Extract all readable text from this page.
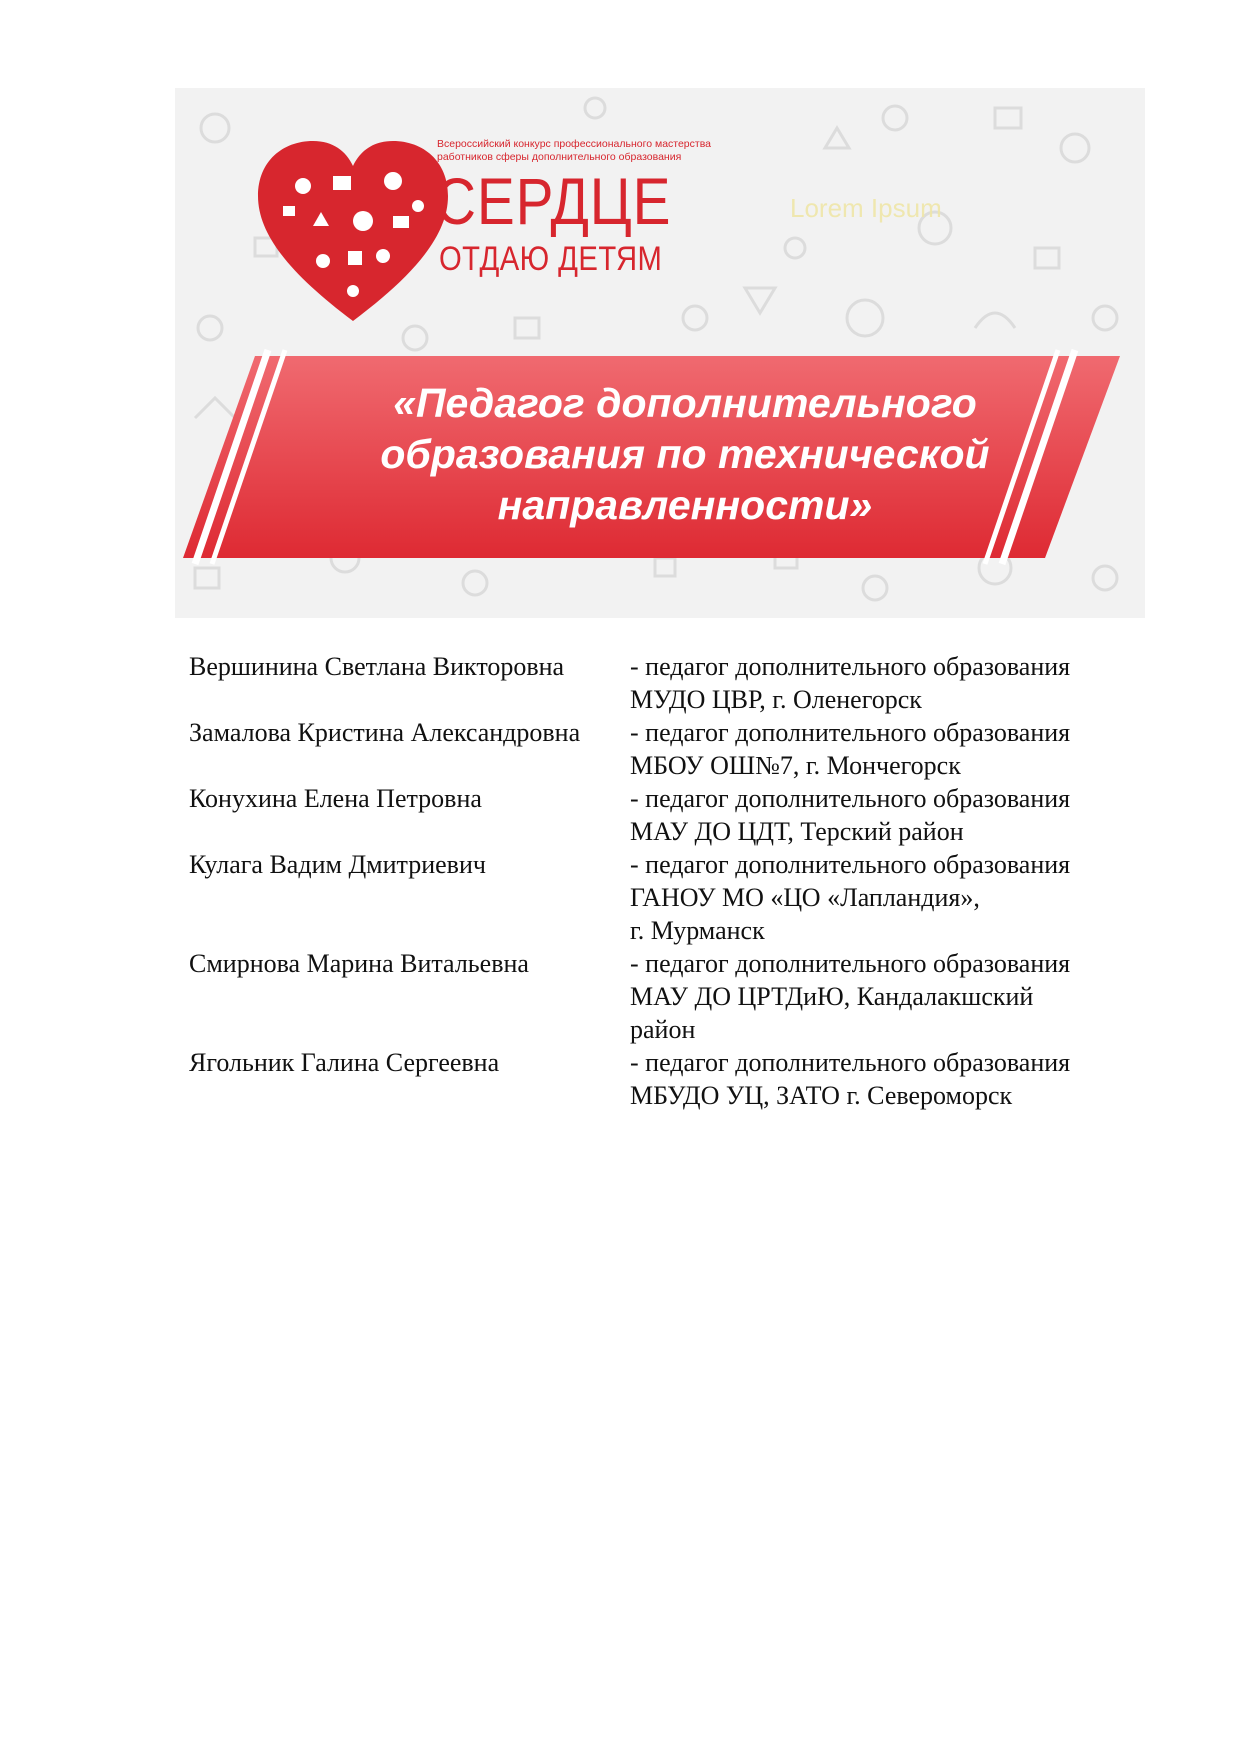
Всероссийский конкурс профессионального мастерства
работников сферы дополнительного образования
СЕРДЦЕ
ОТДАЮ ДЕТЯМ
Lorem Ipsum
«Педагог дополнительного
образования по технической
направленности»
Вершинина Светлана Викторовна	- педагог дополнительного образования
МУДО ЦВР, г. Оленегорск
Замалова Кристина Александровна	- педагог дополнительного образования
МБОУ ОШ№7, г. Мончегорск
Конухина Елена Петровна	- педагог дополнительного образования
МАУ ДО ЦДТ, Терский район
Кулага Вадим Дмитриевич	- педагог дополнительного образования
ГАНОУ МО «ЦО «Лапландия»,
г. Мурманск
Смирнова Марина Витальевна	- педагог дополнительного образования
МАУ ДО ЦРТДиЮ, Кандалакшский
район
Ягольник Галина Сергеевна	- педагог дополнительного образования
МБУДО УЦ, ЗАТО г. Североморск
